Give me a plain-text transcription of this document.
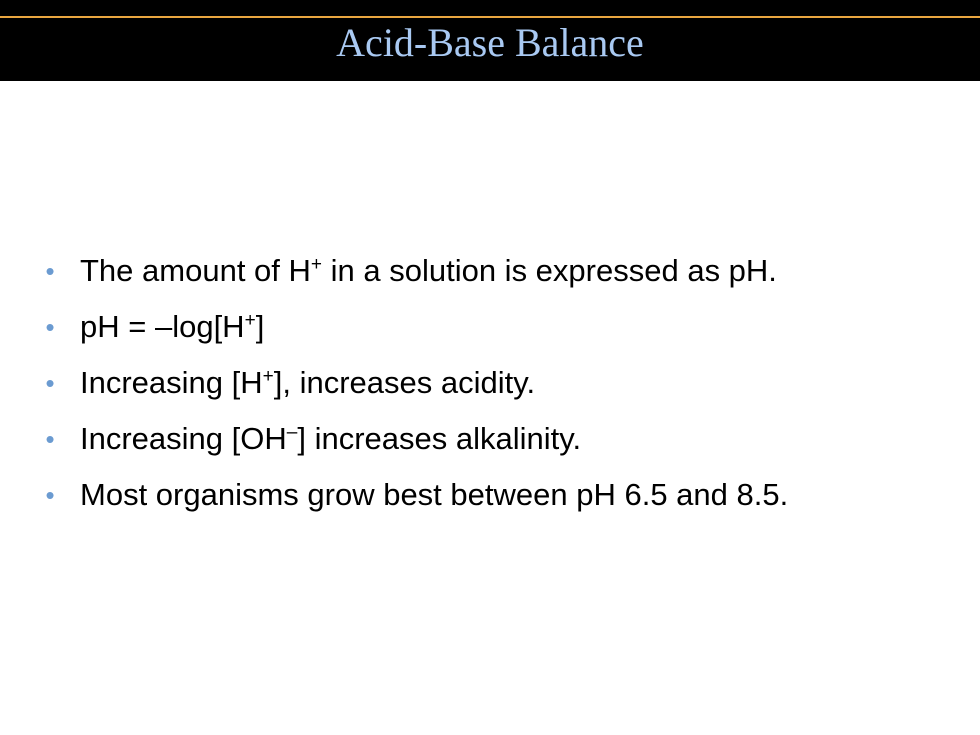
Acid-Base Balance
• The amount of H+ in a solution is expressed as pH.
• pH = –log[H+]
• Increasing [H+], increases acidity.
• Increasing [OH–] increases alkalinity.
• Most organisms grow best between pH 6.5 and 8.5.
